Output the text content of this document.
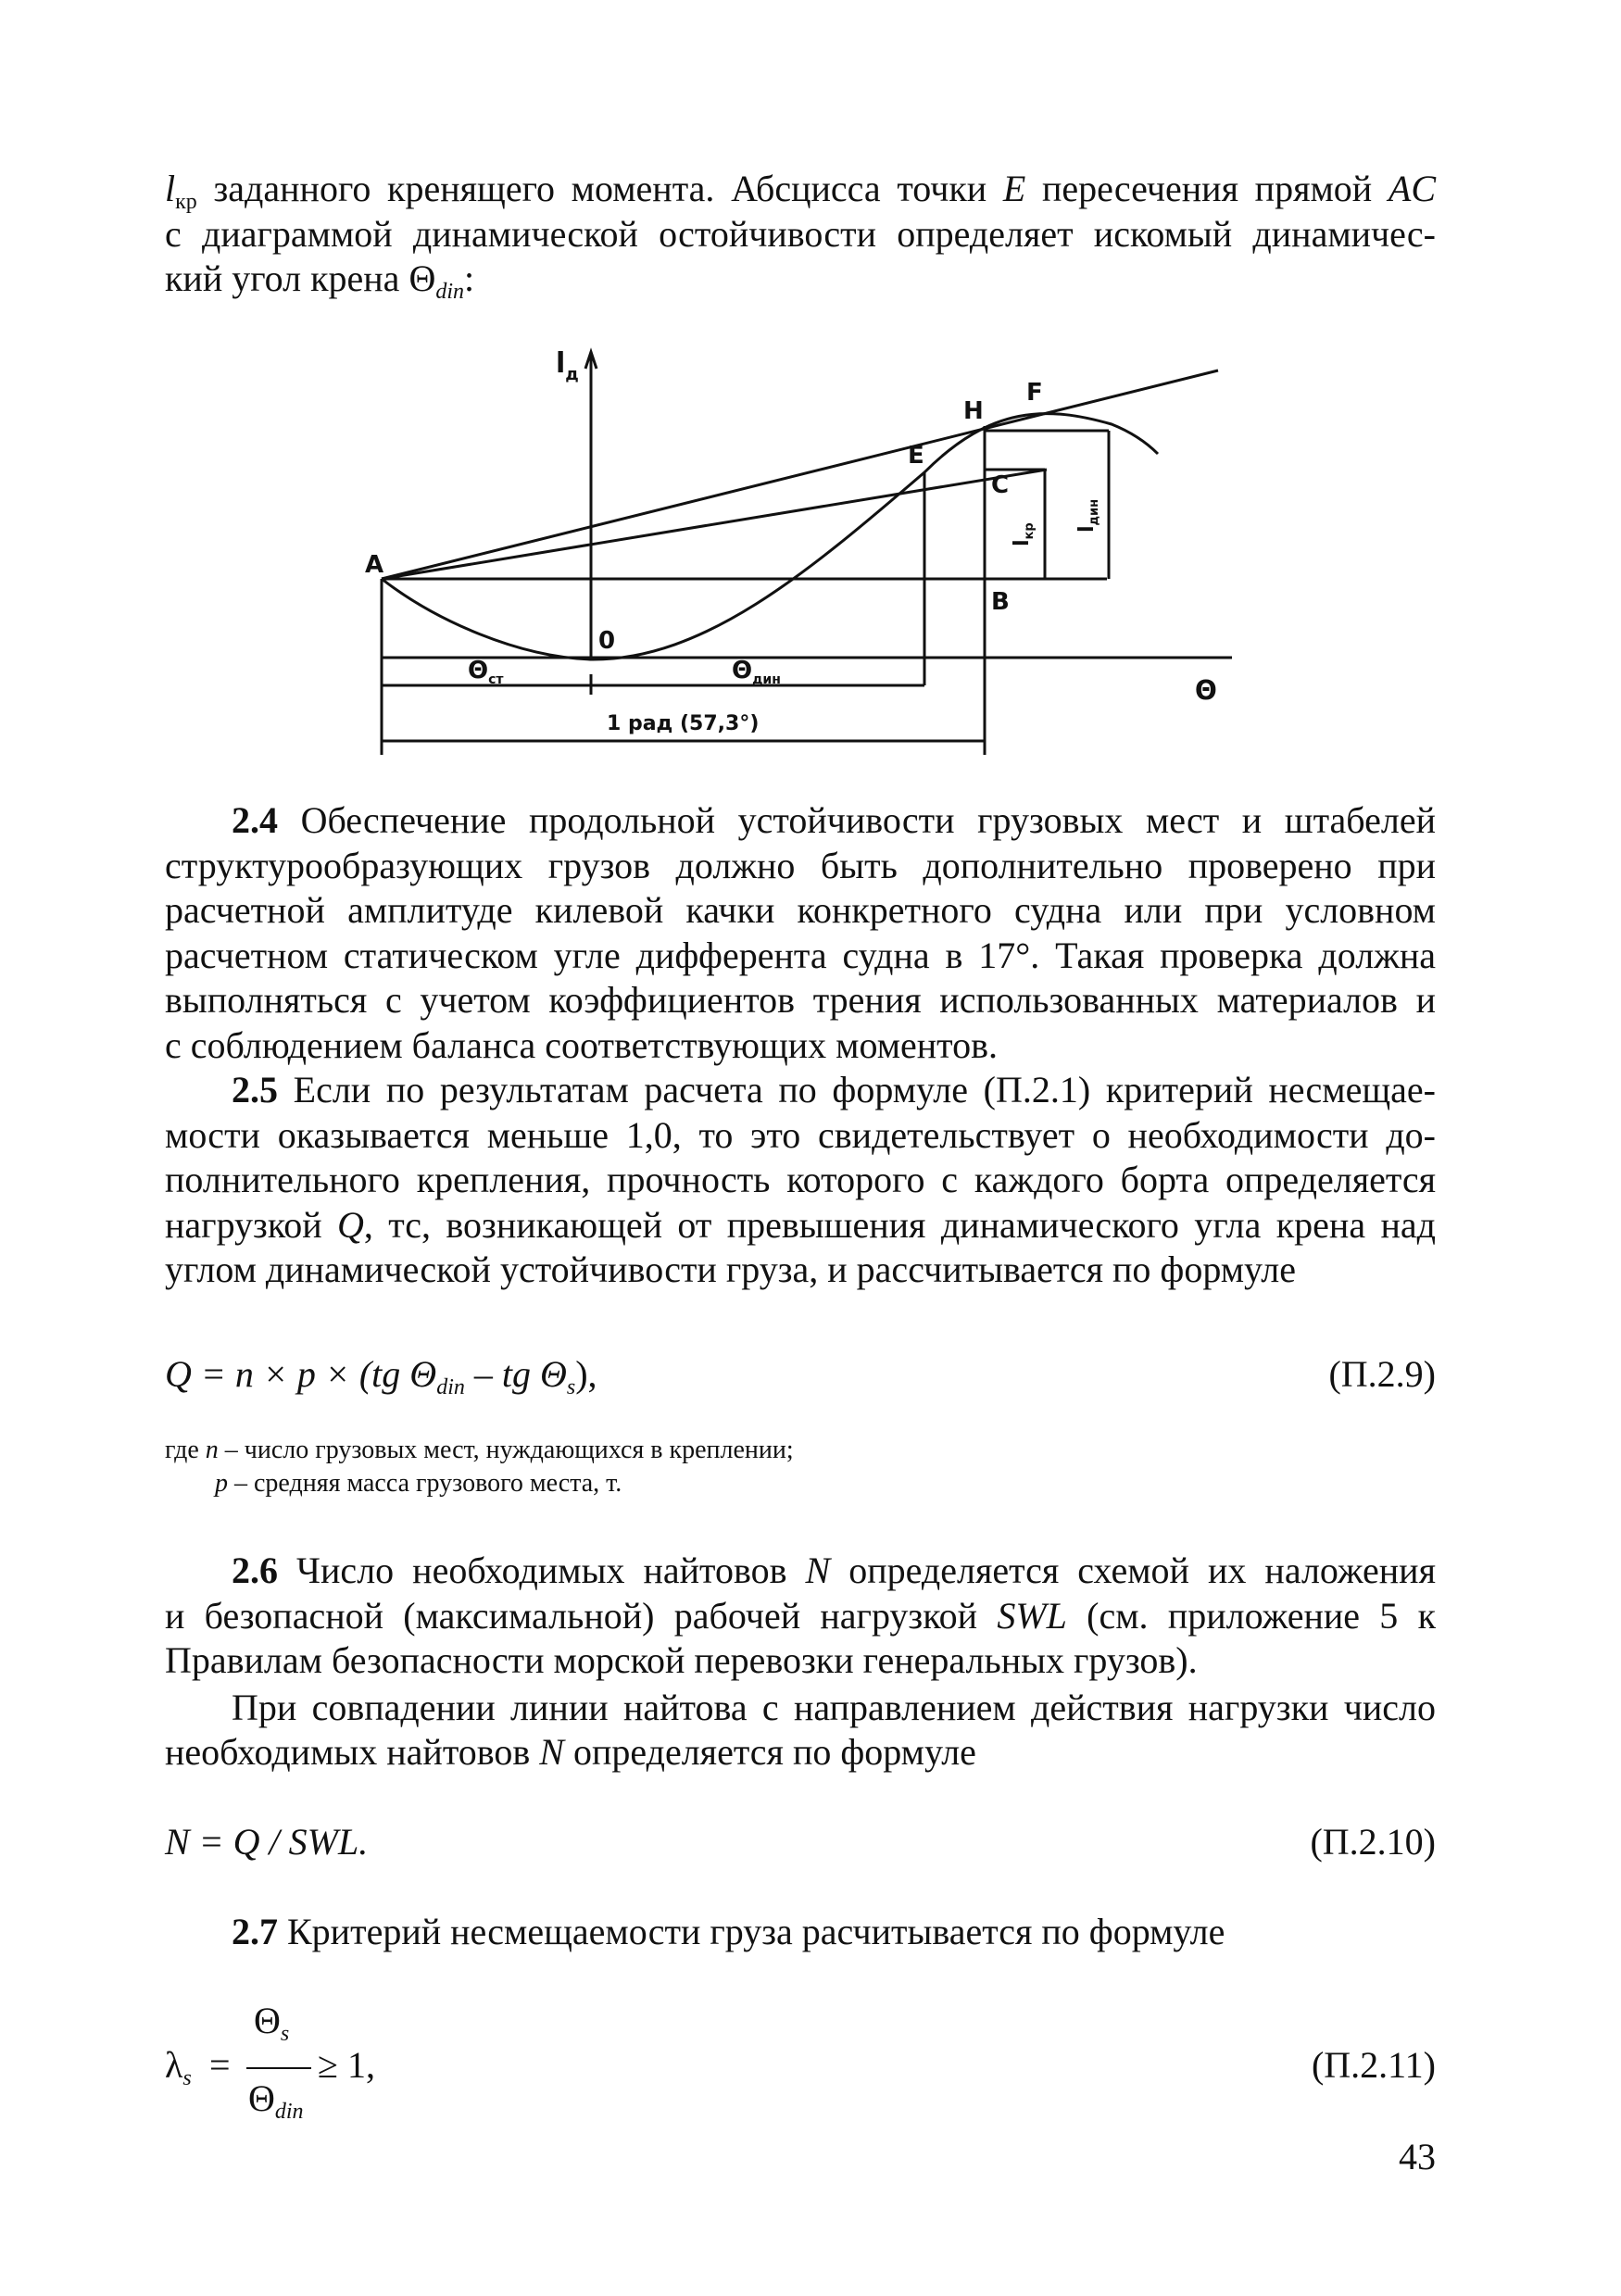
$l_{кр}$ заданного кренящего момента. Абсцисса точки E пересечения прямой AC
с диаграммой динамической остойчивости определяет искомый динамичес-
кий угол крена $\Theta_{din}$:
$l_д$
A
0
E
H
F
C
B
Θ
$\Theta_{ст}$	$\Theta_{дин}$
1 рад (57,3°)
$l_{кр}$ $l_{дин}$
2.4 Обеспечение продольной устойчивости грузовых мест и штабелей
структурообразующих грузов должно быть дополнительно проверено при
расчетной амплитуде килевой качки конкретного судна или при условном
расчетном статическом угле дифферента судна в 17°. Такая проверка должна
выполняться с учетом коэффициентов трения использованных материалов и
с соблюдением баланса соответствующих моментов.
2.5 Если по результатам расчета по формуле (П.2.1) критерий несмещае-
мости оказывается меньше 1,0, то это свидетельствует о необходимости до-
полнительного крепления, прочность которого с каждого борта определяется
нагрузкой Q, тс, возникающей от превышения динамического угла крена над
углом динамической устойчивости груза, и рассчитывается по формуле
Q = n × p × (tg $\Theta_{din}$ – tg $\Theta_s$),	(П.2.9)
где n – число грузовых мест, нуждающихся в креплении;
p – средняя масса грузового места, т.
2.6 Число необходимых найтовов N определяется схемой их наложения
и безопасной (максимальной) рабочей нагрузкой SWL (см. приложение 5 к
Правилам безопасности морской перевозки генеральных грузов).
При совпадении линии найтова с направлением действия нагрузки число
необходимых найтовов N определяется по формуле
N = Q / SWL.	(П.2.10)
2.7 Критерий несмещаемости груза расчитывается по формуле
$\lambda_s$ =
$\Theta_s$
$\Theta_{din}$
≥ 1,	(П.2.11)
43
